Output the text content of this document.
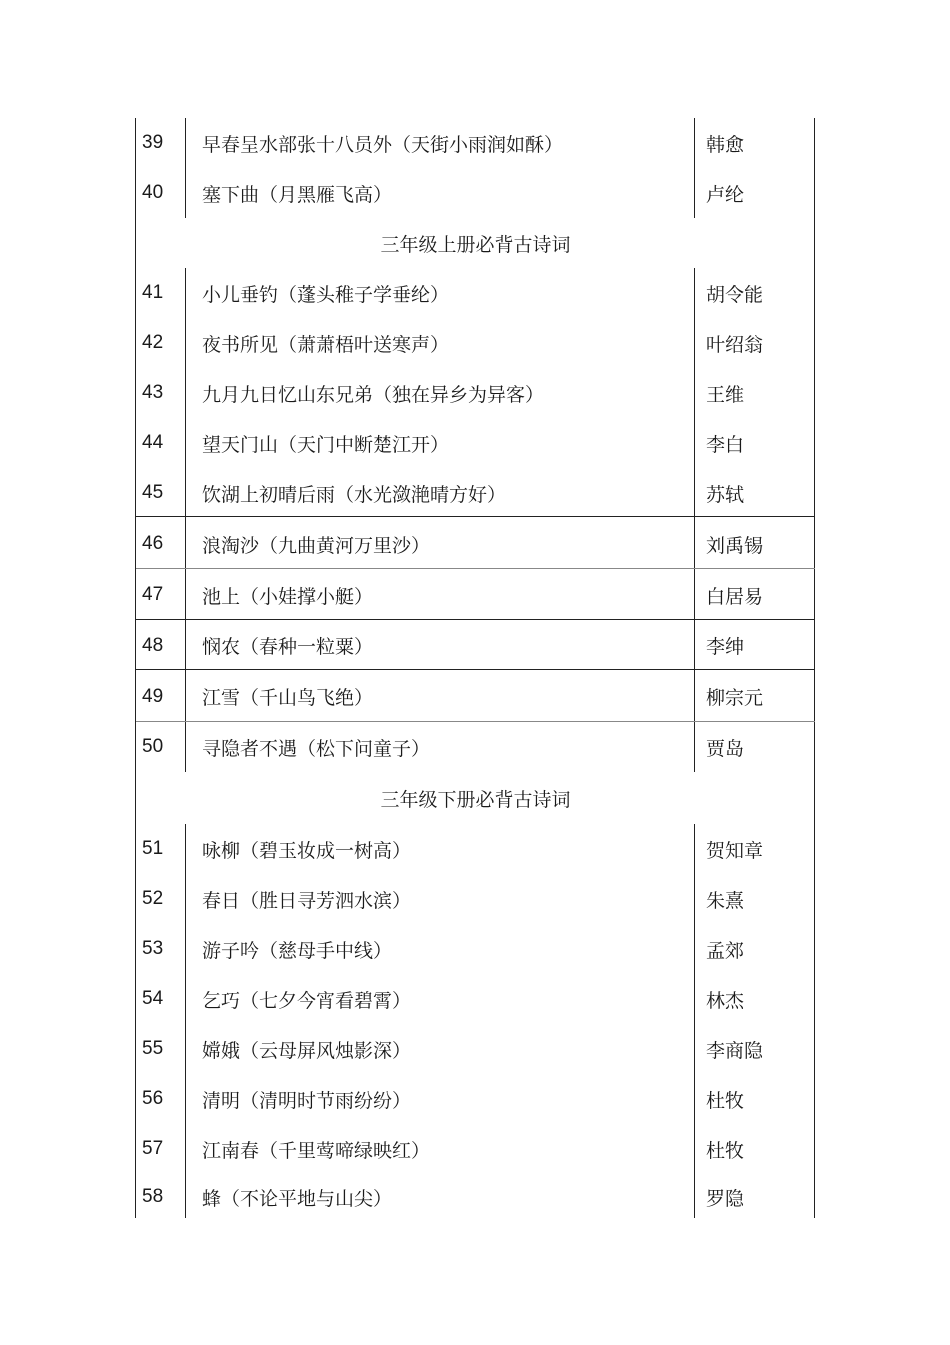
39 早春呈水部张十八员外（天街小雨润如酥）	韩愈
40 塞下曲（月黑雁飞高）	卢纶
三年级上册必背古诗词
41 小儿垂钓（蓬头稚子学垂纶）	胡令能
42 夜书所见（萧萧梧叶送寒声）	叶绍翁
43 九月九日忆山东兄弟（独在异乡为异客）	王维
44 望天门山（天门中断楚江开）	李白
45 饮湖上初晴后雨（水光潋滟晴方好）	苏轼
46 浪淘沙（九曲黄河万里沙）	刘禹锡
47 池上（小娃撑小艇）	白居易
48 悯农（春种一粒粟）	李绅
49 江雪（千山鸟飞绝）	柳宗元
50 寻隐者不遇（松下问童子）	贾岛
三年级下册必背古诗词
51 咏柳（碧玉妆成一树高）	贺知章
52 春日（胜日寻芳泗水滨）	朱熹
53 游子吟（慈母手中线）	孟郊
54 乞巧（七夕今宵看碧霄）	林杰
55 嫦娥（云母屏风烛影深）	李商隐
56 清明（清明时节雨纷纷）	杜牧
57 江南春（千里莺啼绿映红）	杜牧
58 蜂（不论平地与山尖）	罗隐
